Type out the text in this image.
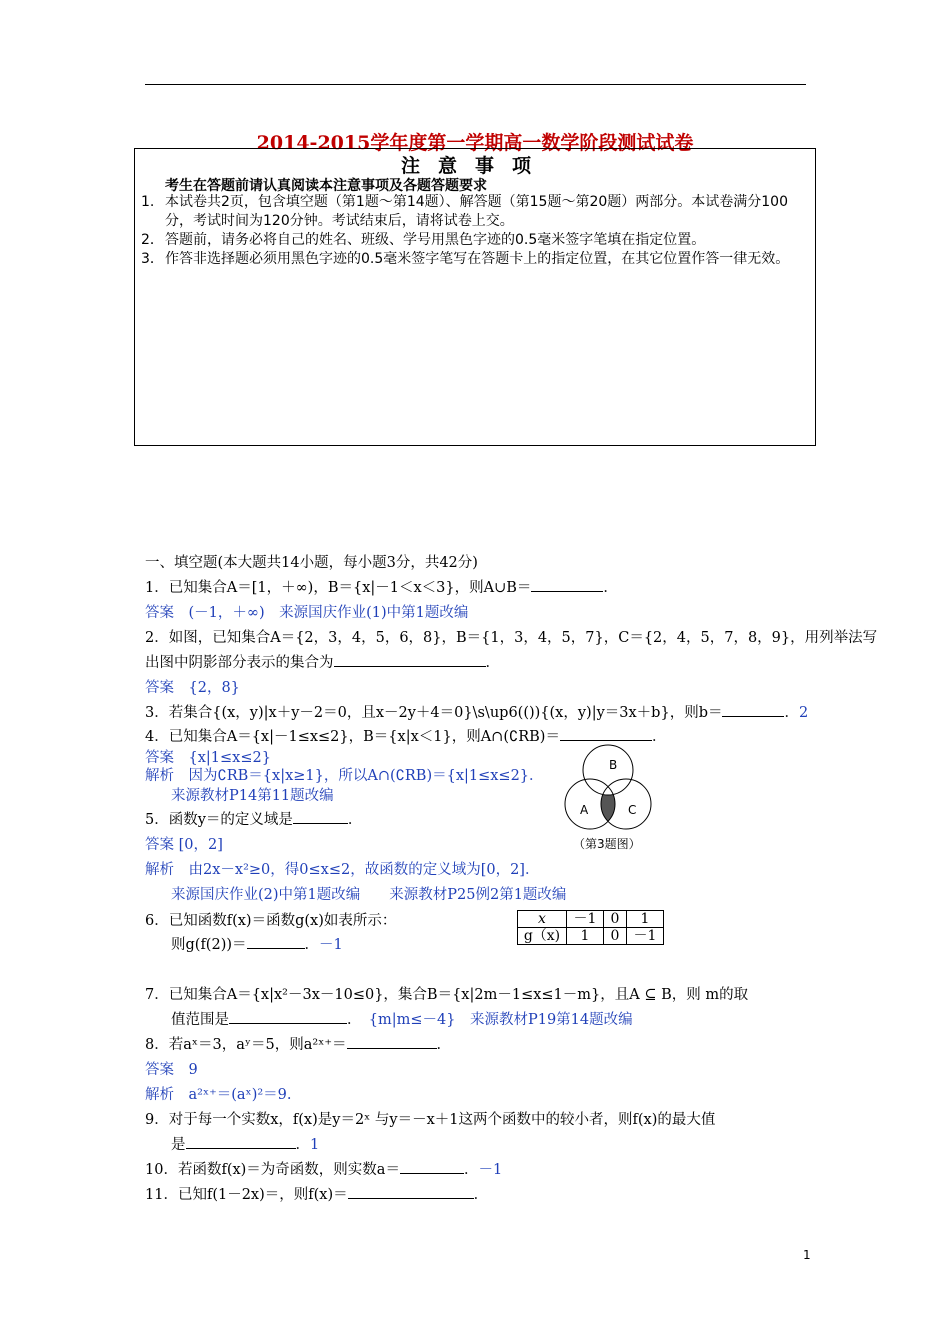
2014-2015学年度第一学期高一数学阶段测试试卷
注意事项
考生在答题前请认真阅读本注意事项及各题答题要求
1. 本试卷共2页，包含填空题（第1题～第14题）、解答题（第15题～第20题）两部分。本试卷满分100分，考试时间为120分钟。考试结束后，请将试卷上交。
2． 答题前，请务必将自己的姓名、班级、学号用黑色字迹的0.5毫米签字笔填在指定位置。
3． 作答非选择题必须用黑色字迹的0.5毫米签字笔写在答题卡上的指定位置，在其它位置作答一律无效。
一、填空题(本大题共14小题，每小题3分，共42分)
1．已知集合A＝[1，＋∞)，B＝{x|－1＜x＜3}，则A∪B＝	．
答案　(－1，＋∞)　来源国庆作业(1)中第1题改编
2．如图，已知集合A＝{2，3，4，5，6，8}，B＝{1，3，4，5，7}，C＝{2，4，5，7，8，9}，用列举法写
出图中阴影部分表示的集合为	．
答案　{2，8}
3．若集合{(x，y)|x＋y－2＝0，且x－2y＋4＝0}\s\up6(()){(x，y)|y＝3x＋b}，则b＝	．2
4．已知集合A＝{x|－1≤x≤2}，B＝{x|x＜1}，则A∩(∁RB)＝	．
答案　{x|1≤x≤2}
解析　因为∁RB＝{x|x≥1}，所以A∩(∁RB)＝{x|1≤x≤2}．
来源教材P14第11题改编
5．函数y＝的定义域是	．
答案 [0，2]
解析　由2x－x²≥0，得0≤x≤2，故函数的定义域为[0，2]．
来源国庆作业(2)中第1题改编　　来源教材P25例2第1题改编
6．已知函数f(x)＝函数g(x)如表所示：
则g(f(2))＝	．－1
x	－1	0	1
g（x)	1	0	－1
7．已知集合A＝{x|x²－3x－10≤0}，集合B＝{x|2m－1≤x≤1－m}，且A ⊆ B，则 m的取
值范围是	．　 {m|m≤－4}　来源教材P19第14题改编
8．若aˣ＝3，aʸ＝5，则a²ˣ⁺＝	．
答案　9
解析　a²ˣ⁺＝(aˣ)²＝9.
9．对于每一个实数x，f(x)是y＝2ˣ 与y＝－x＋1这两个函数中的较小者，则f(x)的最大值
是	．1
10．若函数f(x)＝为奇函数，则实数a＝	．－1
11．已知f(1－2x)＝，则f(x)＝	．
B
A	C
（第3题图）
1
